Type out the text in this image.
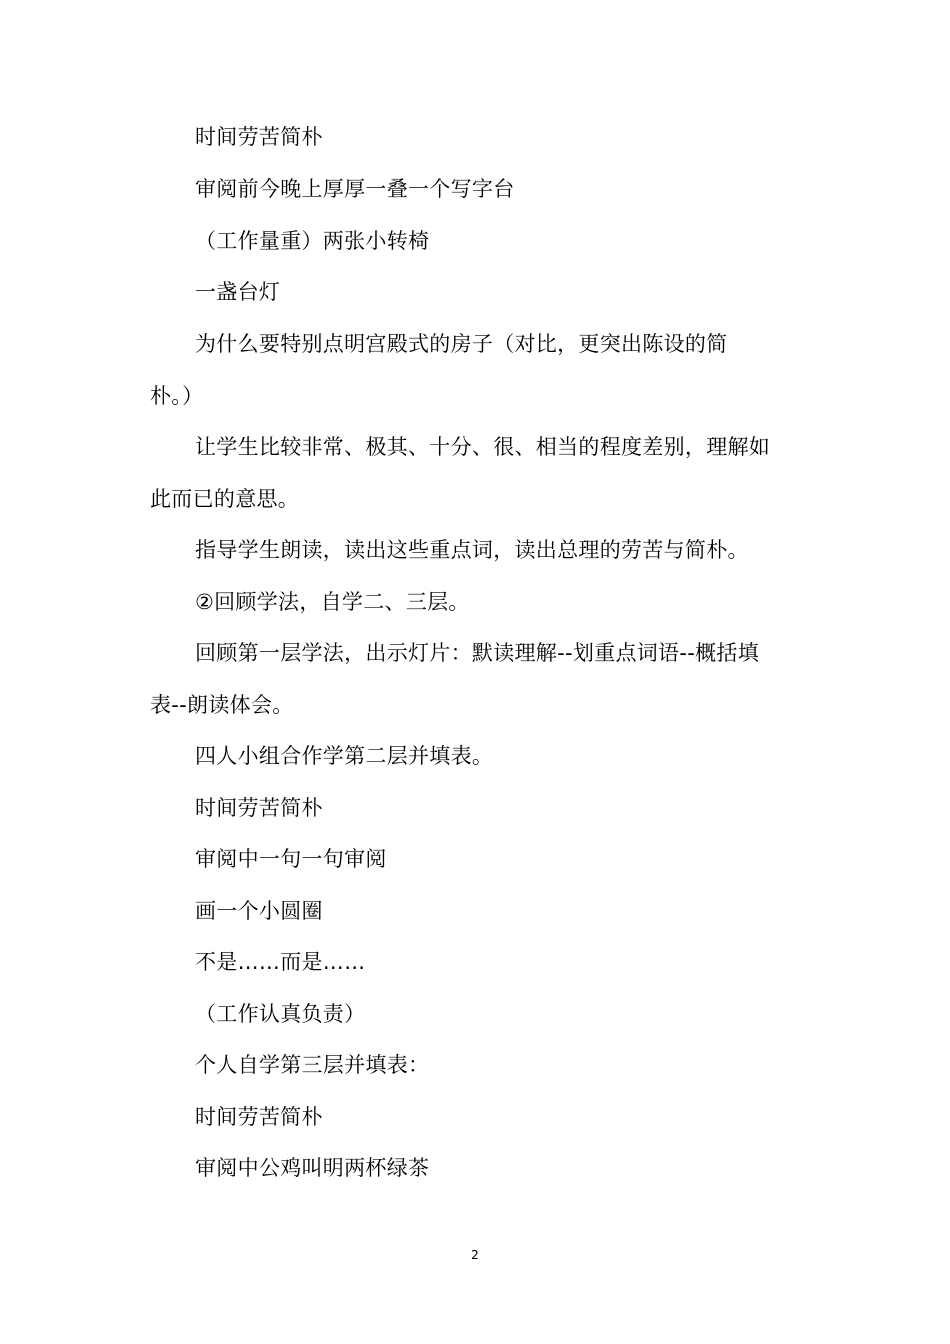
时间劳苦简朴
审阅前今晚上厚厚一叠一个写字台
（工作量重）两张小转椅
一盏台灯
为什么要特别点明宫殿式的房子（对比，更突出陈设的简
朴。）
让学生比较非常、极其、十分、很、相当的程度差别，理解如
此而已的意思。
指导学生朗读，读出这些重点词，读出总理的劳苦与简朴。
②回顾学法，自学二、三层。
回顾第一层学法，出示灯片：默读理解--划重点词语--概括填
表--朗读体会。
四人小组合作学第二层并填表。
时间劳苦简朴
审阅中一句一句审阅
画一个小圆圈
不是……而是……
（工作认真负责）
个人自学第三层并填表：
时间劳苦简朴
审阅中公鸡叫明两杯绿茶
2
